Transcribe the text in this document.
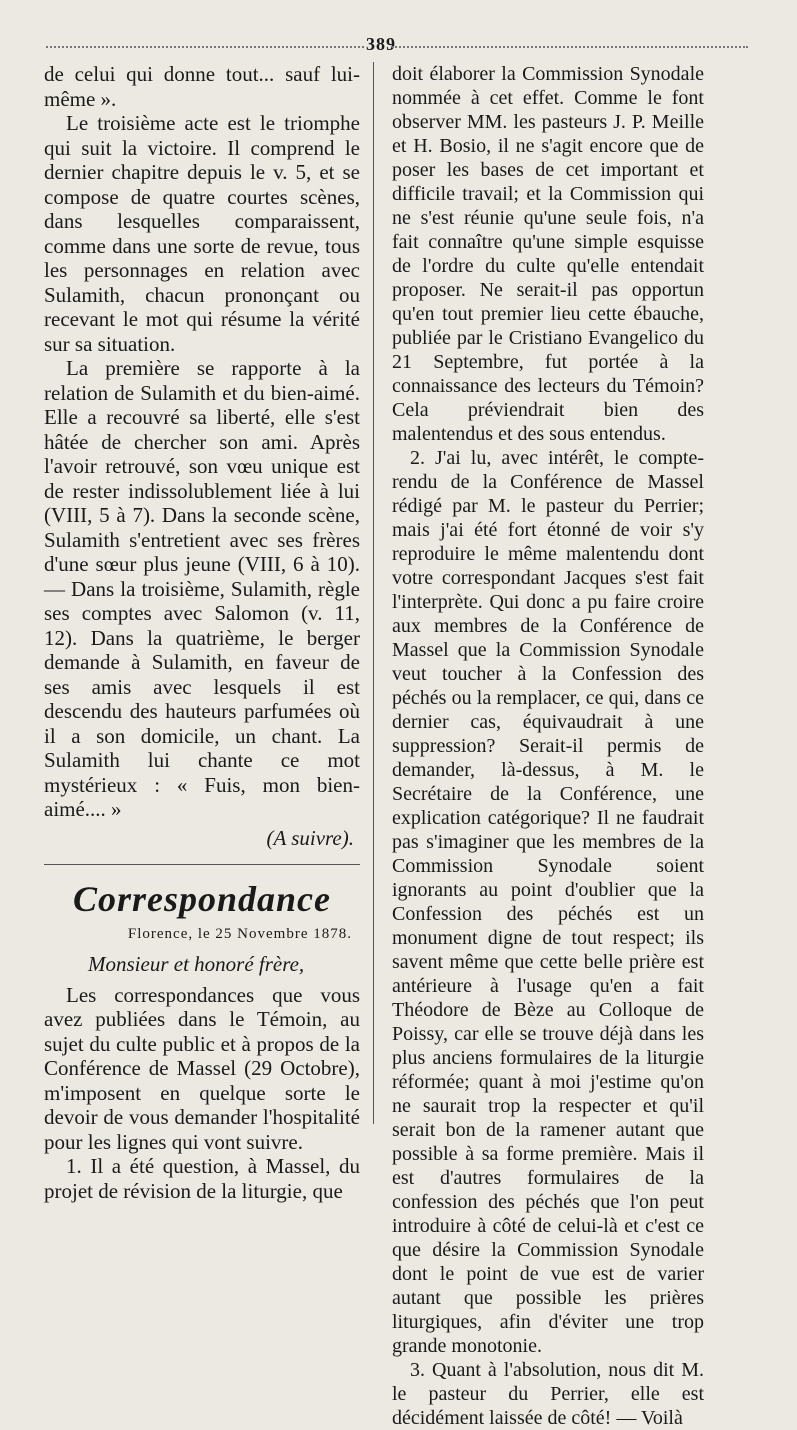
389

de celui qui donne tout... sauf lui-même ».

Le troisième acte est le triomphe qui suit la victoire. Il comprend le dernier chapitre depuis le v. 5, et se compose de quatre courtes scènes, dans lesquelles comparaissent, comme dans une sorte de revue, tous les personnages en relation avec Sulamith, chacun prononçant ou recevant le mot qui résume la vérité sur sa situation.

La première se rapporte à la relation de Sulamith et du bien-aimé. Elle a recouvré sa liberté, elle s'est hâtée de chercher son ami. Après l'avoir retrouvé, son vœu unique est de rester indissolublement liée à lui (VIII, 5 à 7). Dans la seconde scène, Sulamith s'entretient avec ses frères d'une sœur plus jeune (VIII, 6 à 10). — Dans la troisième, Sulamith, règle ses comptes avec Salomon (v. 11, 12). Dans la quatrième, le berger demande à Sulamith, en faveur de ses amis avec lesquels il est descendu des hauteurs parfumées où il a son domicile, un chant. La Sulamith lui chante ce mot mystérieux : « Fuis, mon bien-aimé.... »

(A suivre).

Correspondance

Florence, le 25 Novembre 1878.

Monsieur et honoré frère,

Les correspondances que vous avez publiées dans le Témoin, au sujet du culte public et à propos de la Conférence de Massel (29 Octobre), m'imposent en quelque sorte le devoir de vous demander l'hospitalité pour les lignes qui vont suivre.

1. Il a été question, à Massel, du projet de révision de la liturgie, que

doit élaborer la Commission Synodale nommée à cet effet. Comme le font observer MM. les pasteurs J. P. Meille et H. Bosio, il ne s'agit encore que de poser les bases de cet important et difficile travail; et la Commission qui ne s'est réunie qu'une seule fois, n'a fait connaître qu'une simple esquisse de l'ordre du culte qu'elle entendait proposer. Ne serait-il pas opportun qu'en tout premier lieu cette ébauche, publiée par le Cristiano Evangelico du 21 Septembre, fut portée à la connaissance des lecteurs du Témoin? Cela préviendrait bien des malentendus et des sous entendus.

2. J'ai lu, avec intérêt, le compte-rendu de la Conférence de Massel rédigé par M. le pasteur du Perrier; mais j'ai été fort étonné de voir s'y reproduire le même malentendu dont votre correspondant Jacques s'est fait l'interprète. Qui donc a pu faire croire aux membres de la Conférence de Massel que la Commission Synodale veut toucher à la Confession des péchés ou la remplacer, ce qui, dans ce dernier cas, équivaudrait à une suppression? Serait-il permis de demander, là-dessus, à M. le Secrétaire de la Conférence, une explication catégorique? Il ne faudrait pas s'imaginer que les membres de la Commission Synodale soient ignorants au point d'oublier que la Confession des péchés est un monument digne de tout respect; ils savent même que cette belle prière est antérieure à l'usage qu'en a fait Théodore de Bèze au Colloque de Poissy, car elle se trouve déjà dans les plus anciens formulaires de la liturgie réformée; quant à moi j'estime qu'on ne saurait trop la respecter et qu'il serait bon de la ramener autant que possible à sa forme première. Mais il est d'autres formulaires de la confession des péchés que l'on peut introduire à côté de celui-là et c'est ce que désire la Commission Synodale dont le point de vue est de varier autant que possible les prières liturgiques, afin d'éviter une trop grande monotonie.

3. Quant à l'absolution, nous dit M. le pasteur du Perrier, elle est décidément laissée de côté! — Voilà
